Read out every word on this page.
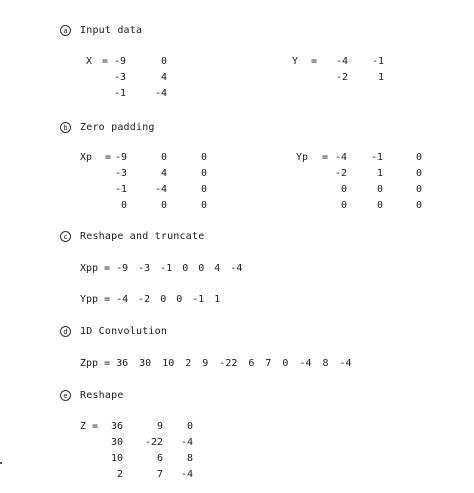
a	Input data
X = -9	0
-3	4
-1	-4
Y =	-4	-1
-2	1
b	Zero padding
Xp = -9	0	0
-3	4	0
-1	-4	0
0	0	0
Yp = -4	-1	0
-2	1	0
0	0	0
0	0	0
c	Reshape and truncate
Xpp = -9 -3 -1 0 0 4 -4
Ypp = -4 -2 0 0 -1 1
d	1D Convolution
Zpp = 36 30 10 2 9 -22 6 7 0 -4 8 -4
e	Reshape
Z =	36	9	0
30	-22	-4
10	6	8
2	7	-4
